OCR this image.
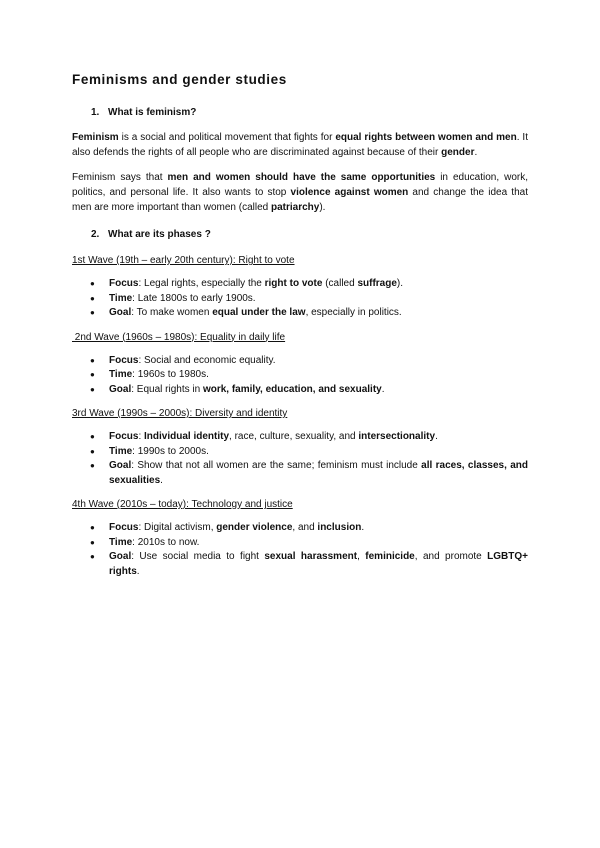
Feminisms and gender studies
1. What is feminism?

Feminism is a social and political movement that fights for equal rights between women and men. It also defends the rights of all people who are discriminated against because of their gender.

Feminism says that men and women should have the same opportunities in education, work, politics, and personal life. It also wants to stop violence against women and change the idea that men are more important than women (called patriarchy).

2. What are its phases ?
1st Wave (19th – early 20th century): Right to vote
● Focus: Legal rights, especially the right to vote (called suffrage).
● Time: Late 1800s to early 1900s.
● Goal: To make women equal under the law, especially in politics.
2nd Wave (1960s – 1980s): Equality in daily life
● Focus: Social and economic equality.
● Time: 1960s to 1980s.
● Goal: Equal rights in work, family, education, and sexuality.
3rd Wave (1990s – 2000s): Diversity and identity
● Focus: Individual identity, race, culture, sexuality, and intersectionality.
● Time: 1990s to 2000s.
● Goal: Show that not all women are the same; feminism must include all races, classes, and sexualities.
4th Wave (2010s – today): Technology and justice
● Focus: Digital activism, gender violence, and inclusion.
● Time: 2010s to now.
● Goal: Use social media to fight sexual harassment, feminicide, and promote LGBTQ+ rights.
